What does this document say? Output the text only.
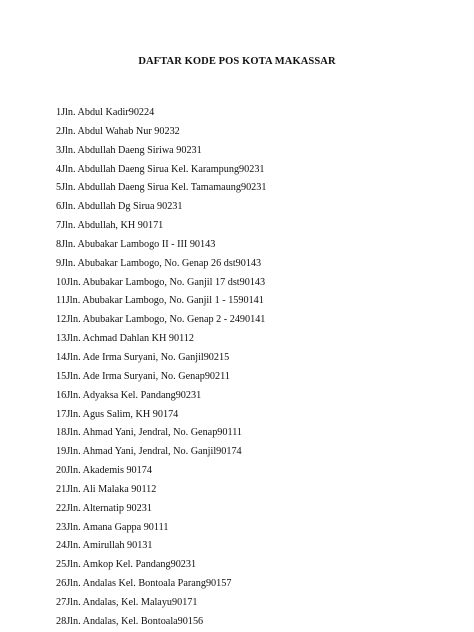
DAFTAR KODE POS KOTA MAKASSAR
1Jln. Abdul Kadir90224
2Jln. Abdul Wahab Nur 90232
3Jln. Abdullah Daeng Siriwa 90231
4Jln. Abdullah Daeng Sirua Kel. Karampung90231
5Jln. Abdullah Daeng Sirua Kel. Tamamaung90231
6Jln. Abdullah Dg Sirua 90231
7Jln. Abdullah, KH 90171
8Jln. Abubakar Lambogo II - III 90143
9Jln. Abubakar Lambogo, No. Genap 26 dst90143
10Jln. Abubakar Lambogo, No. Ganjil 17 dst90143
11Jln. Abubakar Lambogo, No. Ganjil 1 - 1590141
12Jln. Abubakar Lambogo, No. Genap 2 - 2490141
13Jln. Achmad Dahlan KH 90112
14Jln. Ade Irma Suryani, No. Ganjil90215
15Jln. Ade Irma Suryani, No. Genap90211
16Jln. Adyaksa Kel. Pandang90231
17Jln. Agus Salim, KH 90174
18Jln. Ahmad Yani, Jendral, No. Genap90111
19Jln. Ahmad Yani, Jendral, No. Ganjil90174
20Jln. Akademis 90174
21Jln. Ali Malaka 90112
22Jln. Alternatip 90231
23Jln. Amana Gappa 90111
24Jln. Amirullah 90131
25Jln. Amkop Kel. Pandang90231
26Jln. Andalas Kel. Bontoala Parang90157
27Jln. Andalas, Kel. Malayu90171
28Jln. Andalas, Kel. Bontoala90156
